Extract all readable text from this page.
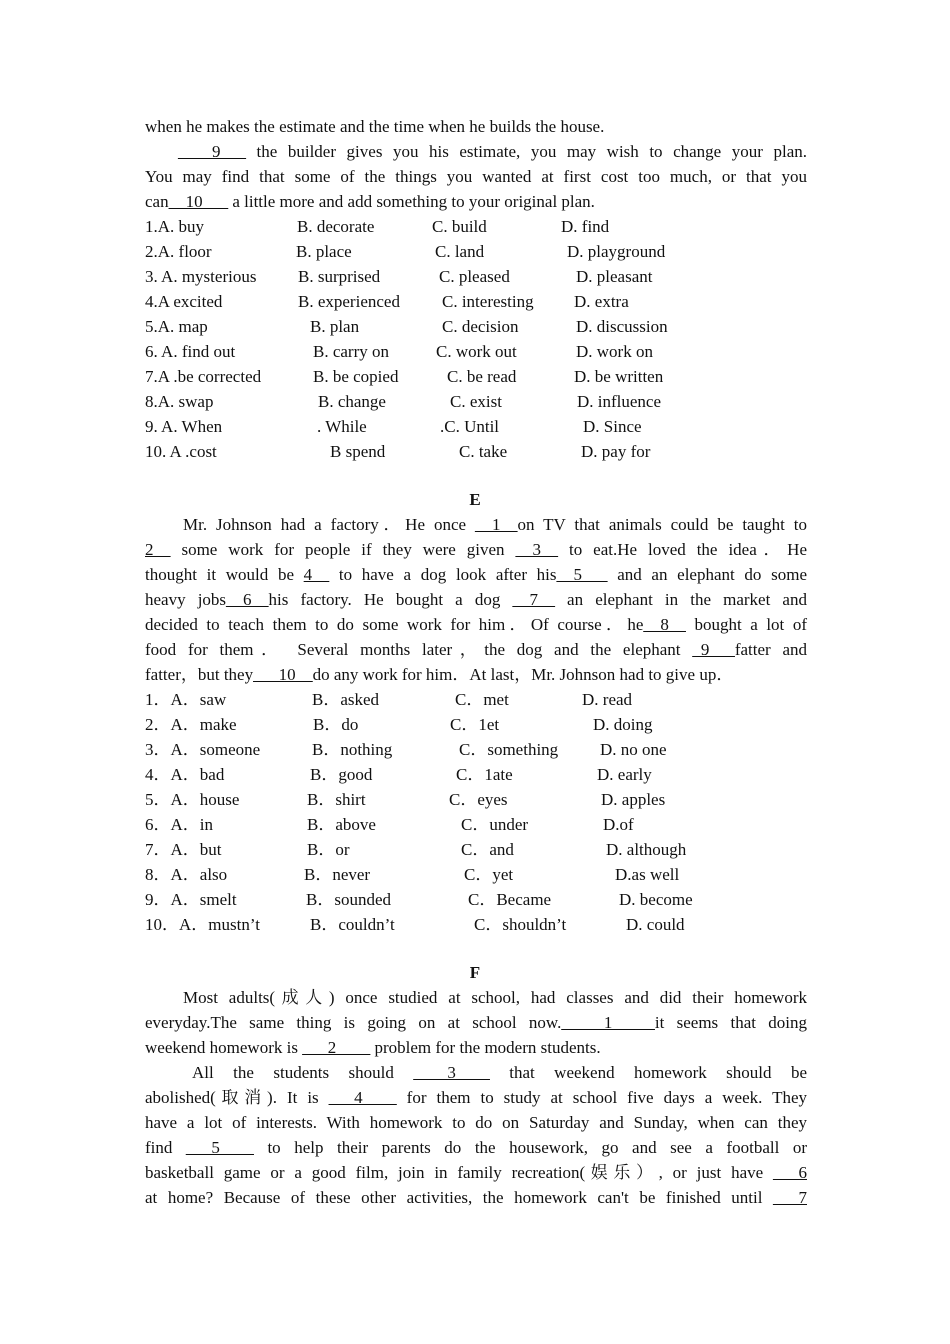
when he makes the estimate and the time when he builds the house.
____9___ the builder gives you his estimate, you may wish to change your plan.
You may find that some of the things you wanted at first cost too much, or that you
can__10___ a little more and add something to your original plan.
1.A. buy	B. decorate	C. build	D. find
2.A. floor	B. place	C. land	D. playground
3. A. mysterious B. surprised	C. pleased	D. pleasant
4.A excited	B. experienced C. interesting D. extra
5.A. map	B. plan	C. decision	D. discussion
6. A. find out	B. carry on	C. work out	D. work on
7.A .be corrected	B. be copied	C. be read	D. be written
8.A. swap	B. change	C. exist	D. influence
9. A. When	. While	.C. Until	D. Since
10. A .cost	B spend	C. take	D. pay for
E
Mr. Johnson had a factory．He once __1__on TV that animals could be taught to
2__ some work for people if they were given __3__ to eat.He loved the idea．He
thought it would be 4__ to have a dog look after his__5___ and an elephant do some
heavy jobs__6__his factory. He bought a dog __7__ an elephant in the market and
decided to teach them to do some work for him．Of course．he__8__ bought a lot of
food for them． Several months later，the dog and the elephant _9___fatter and
fatter，but they___10__do any work for him．At last，Mr. Johnson had to give up．
1．A．saw	B．asked	C．met	D. read
2．A．make	B．do	C．1et	D. doing
3．A．someone	B．nothing	C．something D. no one
4．A．bad	B．good	C．1ate	D. early
5．A．house	B．shirt	C．eyes	D. apples
6．A．in	B．above	C．under	D.of
7．A．but	B．or	C．and	D. although
8．A．also	B．never	C．yet	D.as well
9．A．smelt	B．sounded	C．Became	D. become
10．A．mustn’t	B．couldn’t	C．shouldn’t	D. could
F
Most adults(成人) once studied at school, had classes and did their homework
everyday.The same thing is going on at school now._____1_____it seems that doing
weekend homework is ___2____ problem for the modern students.
All the students should ____3____ that weekend homework should be
abolished(取消). It is ___4____ for them to study at school five days a week. They
have a lot of interests. With homework to do on Saturday and Sunday, when can they
find ___5____ to help their parents do the housework, go and see a football or
basketball game or a good film, join in family recreation(娱乐）, or just have ___6
at home? Because of these other activities, the homework can't be finished until ___7
